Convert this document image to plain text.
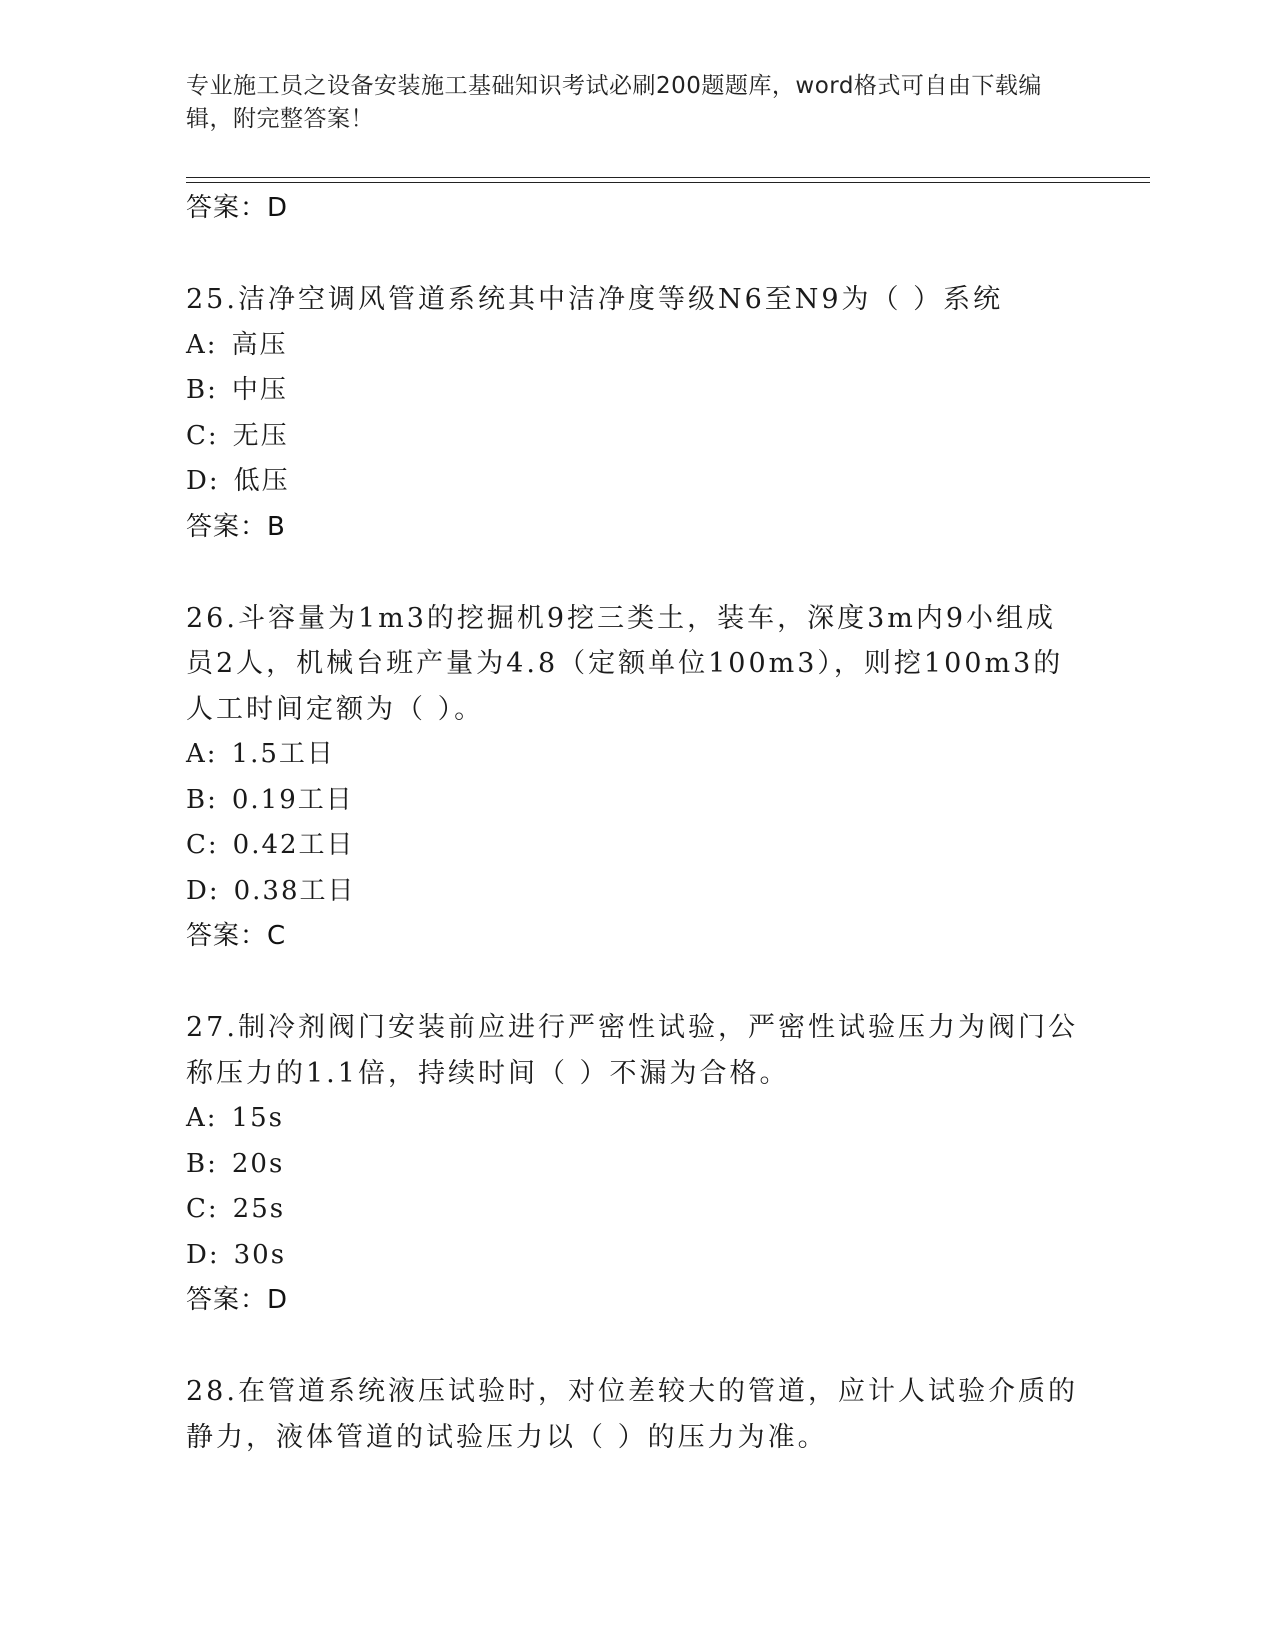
专业施工员之设备安装施工基础知识考试必刷200题题库，word格式可自由下载编辑，附完整答案！
答案：D
25.洁净空调风管道系统其中洁净度等级N6至N9为（ ）系统
A: 高压
B: 中压
C: 无压
D: 低压
答案：B
26.斗容量为1m3的挖掘机9挖三类土，装车，深度3m内9小组成员2人，机械台班产量为4.8（定额单位100m3），则挖100m3的人工时间定额为（ ）。
A: 1.5工日
B: 0.19工日
C: 0.42工日
D: 0.38工日
答案：C
27.制冷剂阀门安装前应进行严密性试验，严密性试验压力为阀门公称压力的1.1倍，持续时间（ ）不漏为合格。
A: 15s
B: 20s
C: 25s
D: 30s
答案：D
28.在管道系统液压试验时，对位差较大的管道，应计人试验介质的静力，液体管道的试验压力以（ ）的压力为准。
